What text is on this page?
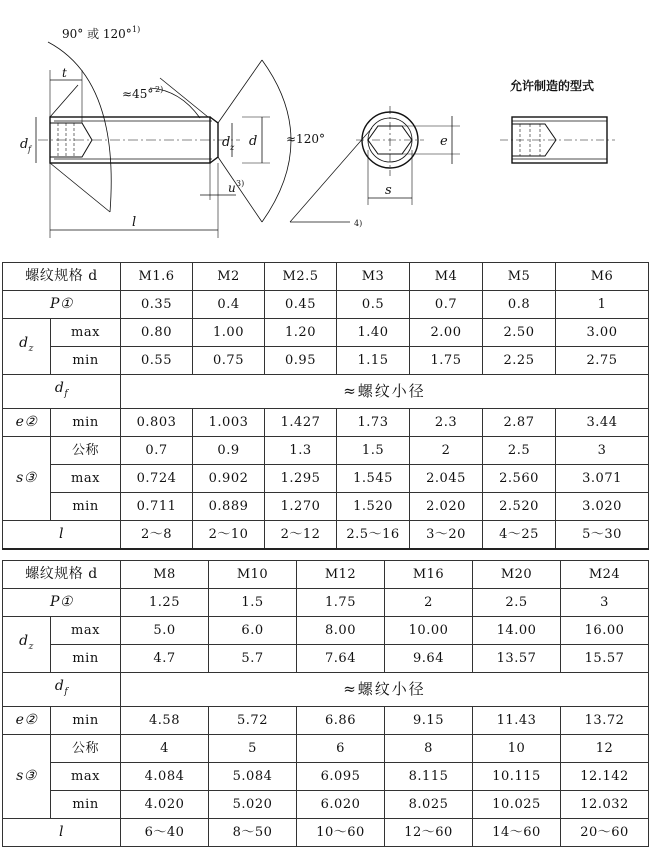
90° 或 120° 1)
t
≈45° 2)
d f	d z d ≈120°
u 3)
l	4)
e
s
允许制造的型式
螺纹规格 d		M1.6	M2	M2.5	M3	M4	M5	M6
P①		0.35	0.4	0.45	0.5	0.7	0.8	1
$d_z$	max	0.80	1.00	1.20	1.40	2.00	2.50	3.00
	min	0.55	0.75	0.95	1.15	1.75	2.25	2.75
$d_f$		≈螺纹小径						
e②	min	0.803	1.003	1.427	1.73	2.3	2.87	3.44
s③	公称	0.7	0.9	1.3	1.5	2	2.5	3
	max	0.724	0.902	1.295	1.545	2.045	2.560	3.071
	min	0.711	0.889	1.270	1.520	2.020	2.520	3.020
l		2～8	2～10	2～12	2.5～16	3～20	4～25	5～30
螺纹规格 d		M8	M10	M12	M16	M20	M24
P①		1.25	1.5	1.75	2	2.5	3
$d_z$	max	5.0	6.0	8.00	10.00	14.00	16.00
	min	4.7	5.7	7.64	9.64	13.57	15.57
$d_f$		≈螺纹小径					
e②	min	4.58	5.72	6.86	9.15	11.43	13.72
s③	公称	4	5	6	8	10	12
	max	4.084	5.084	6.095	8.115	10.115	12.142
	min	4.020	5.020	6.020	8.025	10.025	12.032
l		6～40	8～50	10～60	12～60	14～60	20～60
